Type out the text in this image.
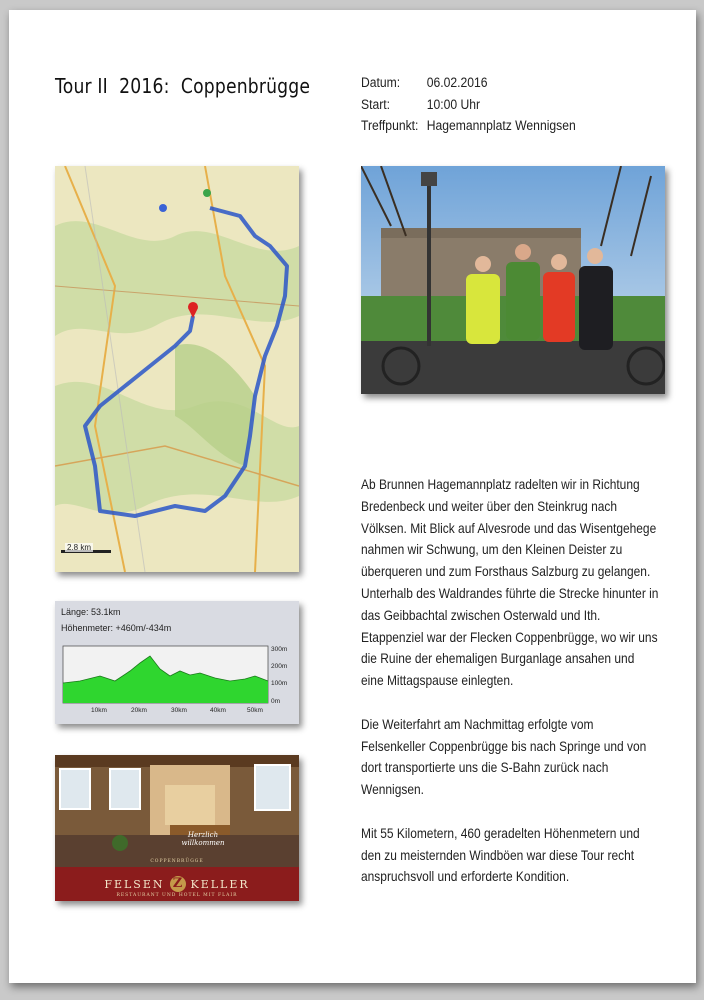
Tour II  2016:  Coppenbrügge	Datum:	06.02.2016
Start:	10:00 Uhr
Treffpunkt: Hagemannplatz Wennigsen
2.8 km
Länge: 53.1km
Höhenmeter: +460m/-434m
10km	20km	30km	40km	50km
300m
200m
100m
0m
Herzlich willkommen
COPPENBRÜGGE
FELSEN Z KELLER
RESTAURANT UND HOTEL MIT FLAIR

Ab Brunnen Hagemannplatz radelten wir in Richtung Bredenbeck und weiter über den Steinkrug nach Völksen. Mit Blick auf Alvesrode und das Wisentgehege nahmen wir Schwung, um den Kleinen Deister zu überqueren und zum Forsthaus Salzburg zu gelangen. Unterhalb des Waldrandes führte die Strecke hinunter in das Geibbachtal zwischen Osterwald und Ith. Etappenziel war der Flecken Coppenbrügge, wo wir uns die Ruine der ehemaligen Burganlage ansahen und eine Mittagspause einlegten.

Die Weiterfahrt am Nachmittag erfolgte vom Felsenkeller Coppenbrügge bis nach Springe und von dort transportierte uns die S-Bahn zurück nach Wennigsen.

Mit 55 Kilometern, 460 geradelten Höhenmetern und den zu meisternden Windböen war diese Tour recht anspruchsvoll und erforderte Kondition.
